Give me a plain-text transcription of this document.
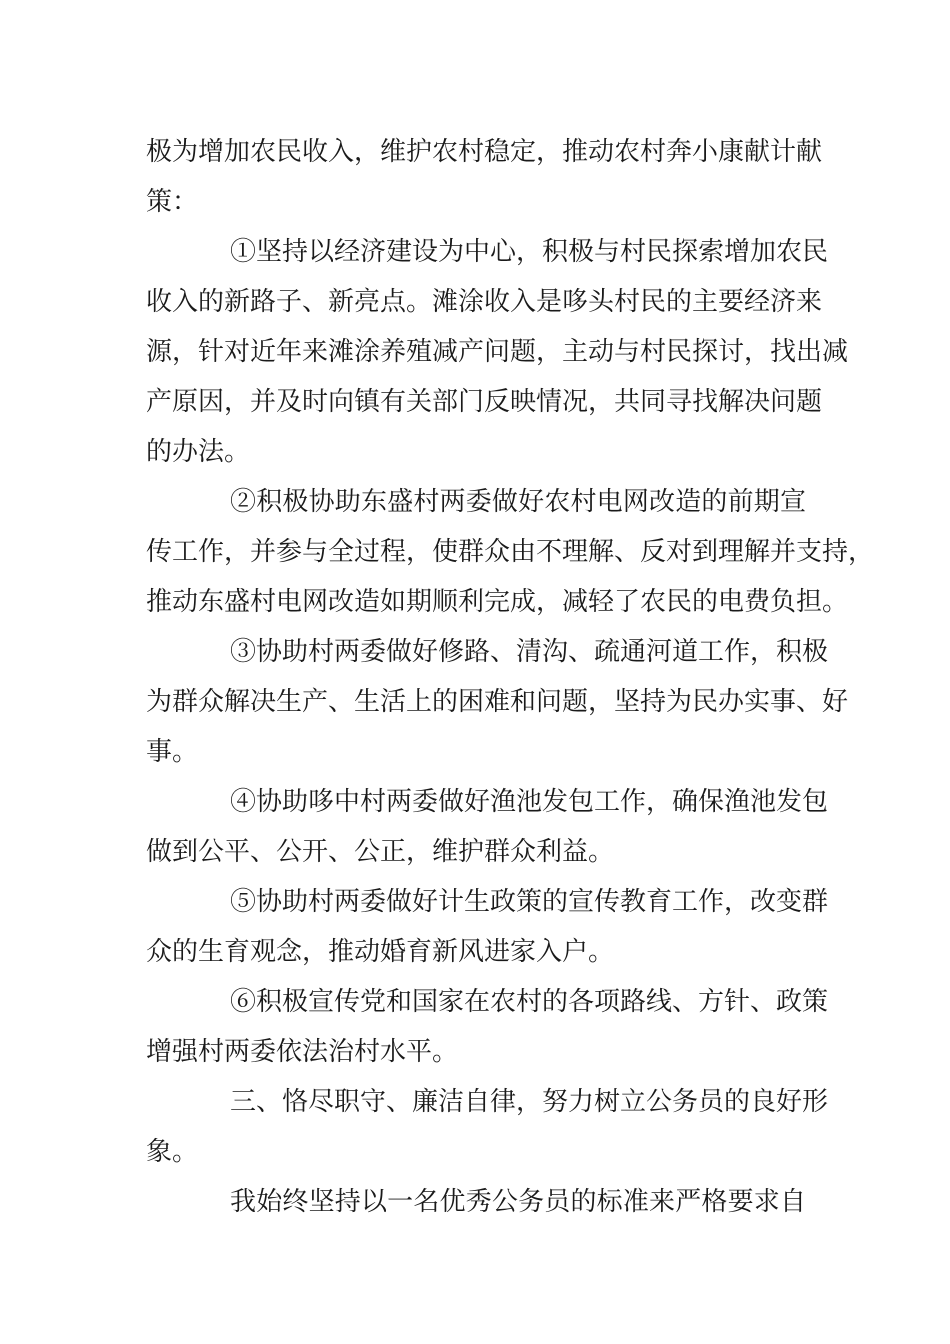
极为增加农民收入，维护农村稳定，推动农村奔小康献计献

策：

①坚持以经济建设为中心，积极与村民探索增加农民

收入的新路子、新亮点。滩涂收入是哆头村民的主要经济来

源，针对近年来滩涂养殖减产问题，主动与村民探讨，找出减

产原因，并及时向镇有关部门反映情况，共同寻找解决问题

的办法。

②积极协助东盛村两委做好农村电网改造的前期宣

传工作，并参与全过程，使群众由不理解、反对到理解并支持，

推动东盛村电网改造如期顺利完成，减轻了农民的电费负担。

③协助村两委做好修路、清沟、疏通河道工作，积极

为群众解决生产、生活上的困难和问题，坚持为民办实事、好

事。

④协助哆中村两委做好渔池发包工作，确保渔池发包

做到公平、公开、公正，维护群众利益。

⑤协助村两委做好计生政策的宣传教育工作，改变群

众的生育观念，推动婚育新风进家入户。

⑥积极宣传党和国家在农村的各项路线、方针、政策

增强村两委依法治村水平。

三、恪尽职守、廉洁自律，努力树立公务员的良好形

象。

我始终坚持以一名优秀公务员的标准来严格要求自
